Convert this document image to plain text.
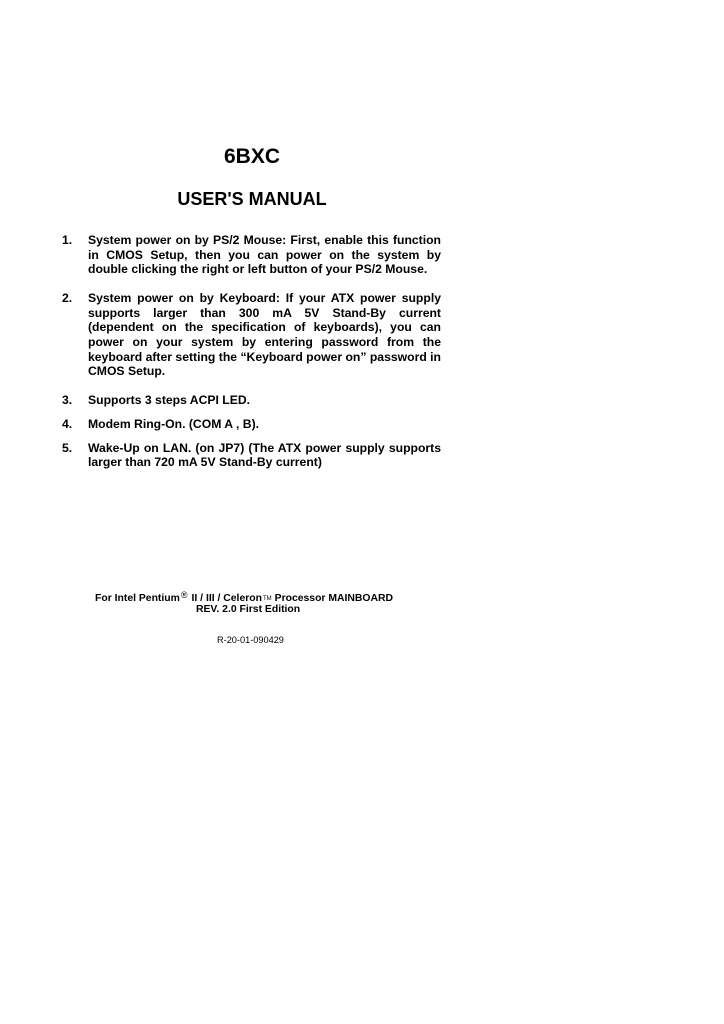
6BXC
USER'S MANUAL
1.	System power on by PS/2 Mouse: First, enable this function in CMOS Setup, then you can power on the system by double clicking the right or left button of your PS/2 Mouse.
2.	System power on by Keyboard: If your ATX power supply supports larger than 300 mA 5V Stand-By current (dependent on the specification of keyboards), you can power on your system by entering password from the keyboard after setting the “Keyboard power on” password in CMOS Setup.
3.	Supports 3 steps ACPI LED.
4.	Modem Ring-On. (COM A , B).
5.	Wake-Up on LAN. (on JP7) (The ATX power supply supports larger than 720 mA 5V Stand-By current)
For Intel Pentium® II / III / CeleronTM Processor MAINBOARD
REV. 2.0 First Edition
R-20-01-090429
